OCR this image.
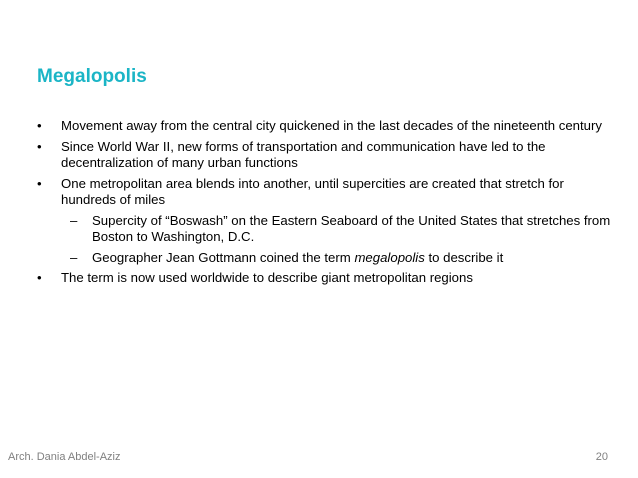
Megalopolis
• Movement away from the central city quickened in the last decades of the nineteenth century
• Since World War II, new forms of transportation and communication have led to the decentralization of many urban functions
• One metropolitan area blends into another, until supercities are created that stretch for hundreds of miles
– Supercity of “Boswash” on the Eastern Seaboard of the United States that stretches from Boston to Washington, D.C.
– Geographer Jean Gottmann coined the term megalopolis to describe it
• The term is now used worldwide to describe giant metropolitan regions
Arch. Dania Abdel-Aziz	20
